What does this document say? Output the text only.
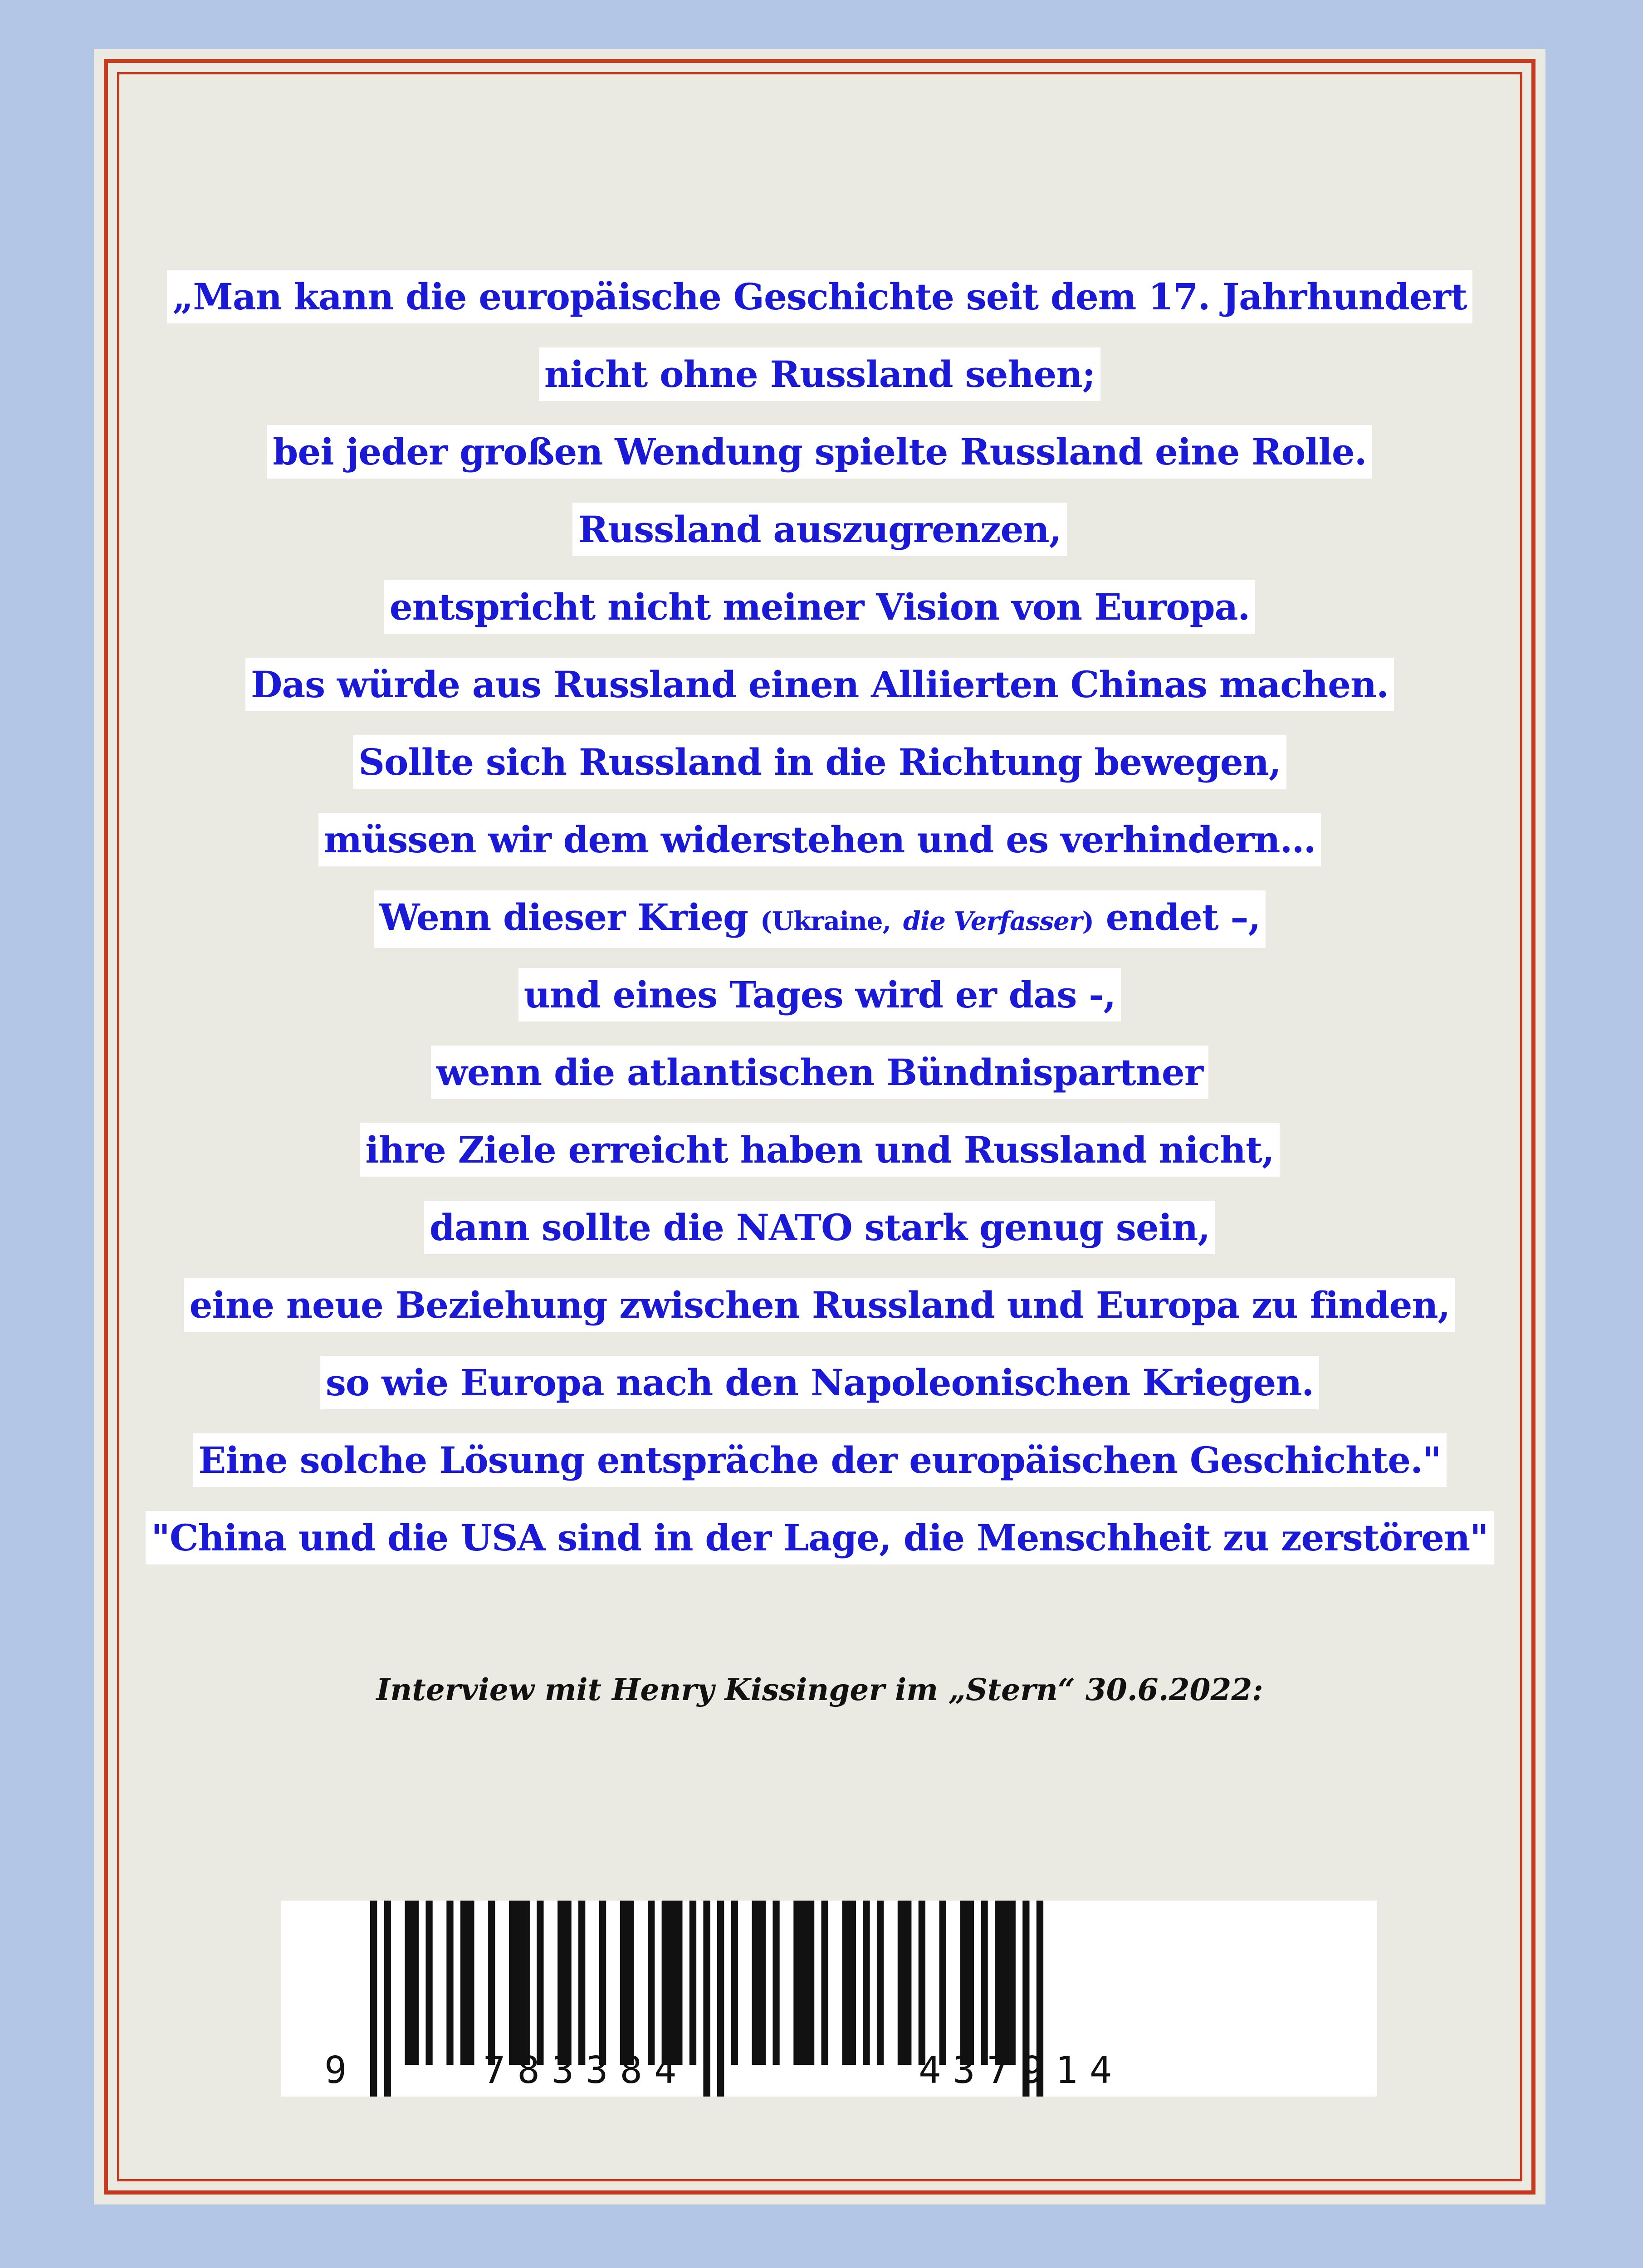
„Man kann die europäische Geschichte seit dem 17. Jahrhundert
nicht ohne Russland sehen;
bei jeder großen Wendung spielte Russland eine Rolle.
Russland auszugrenzen,
entspricht nicht meiner Vision von Europa.
Das würde aus Russland einen Alliierten Chinas machen.
Sollte sich Russland in die Richtung bewegen,
müssen wir dem widerstehen und es verhindern…
Wenn dieser Krieg (Ukraine, die Verfasser) endet –,
und eines Tages wird er das -,
wenn die atlantischen Bündnispartner
ihre Ziele erreicht haben und Russland nicht,
dann sollte die NATO stark genug sein,
eine neue Beziehung zwischen Russland und Europa zu finden,
so wie Europa nach den Napoleonischen Kriegen.
Eine solche Lösung entspräche der europäischen Geschichte."
"China und die USA sind in der Lage, die Menschheit zu zerstören"
Interview mit Henry Kissinger im „Stern“ 30.6.2022:
9	783384	437914
